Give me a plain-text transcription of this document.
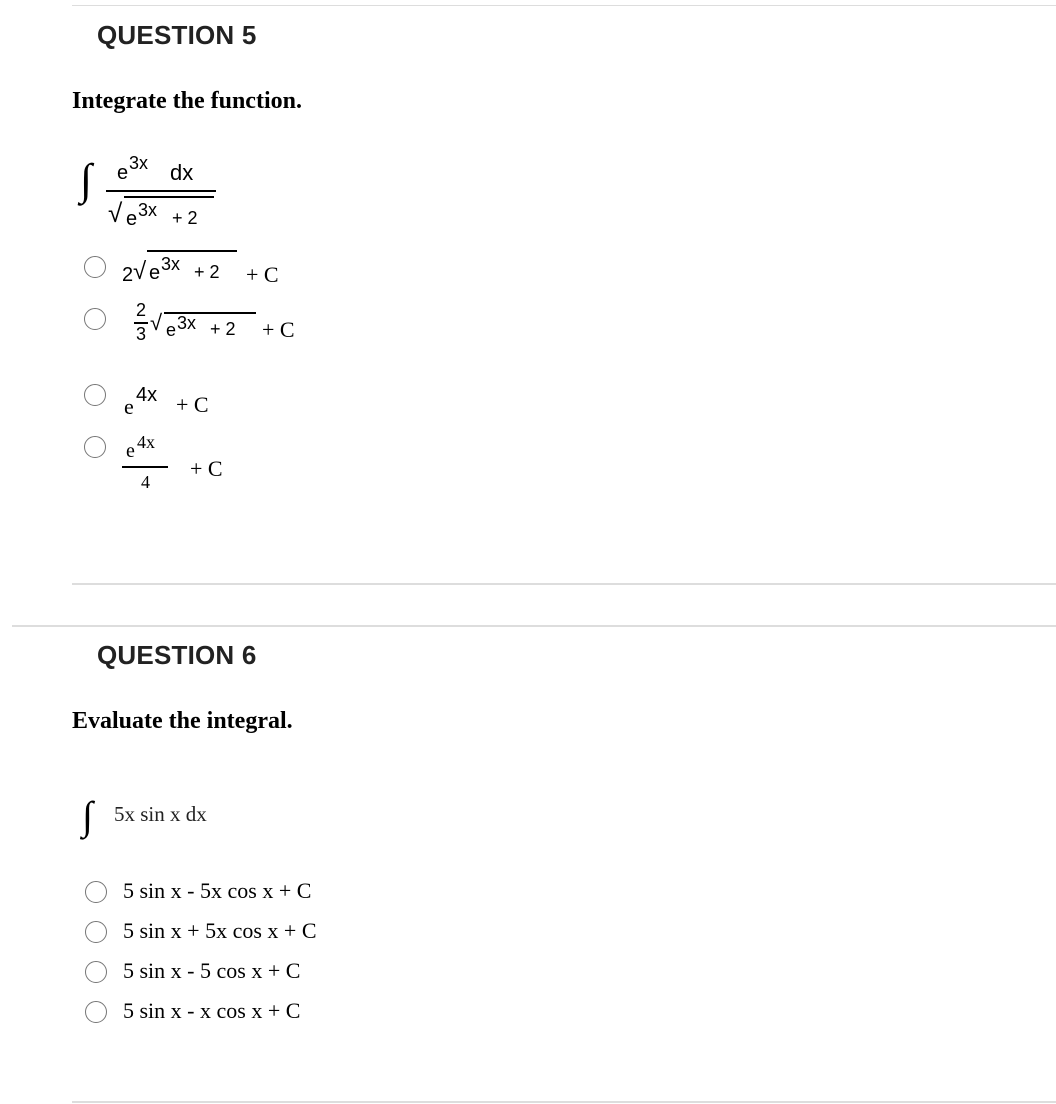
QUESTION 5
Integrate the function.
∫ e 3x dx
√ e 3x + 2
2 √ e 3x + 2 + C
2
3 √ e 3x + 2 + C
e 4x + C
e 4x
4
+ C
QUESTION 6
Evaluate the integral.
∫ 5x sin x dx
5 sin x - 5x cos x + C
5 sin x + 5x cos x + C
5 sin x - 5 cos x + C
5 sin x - x cos x + C
